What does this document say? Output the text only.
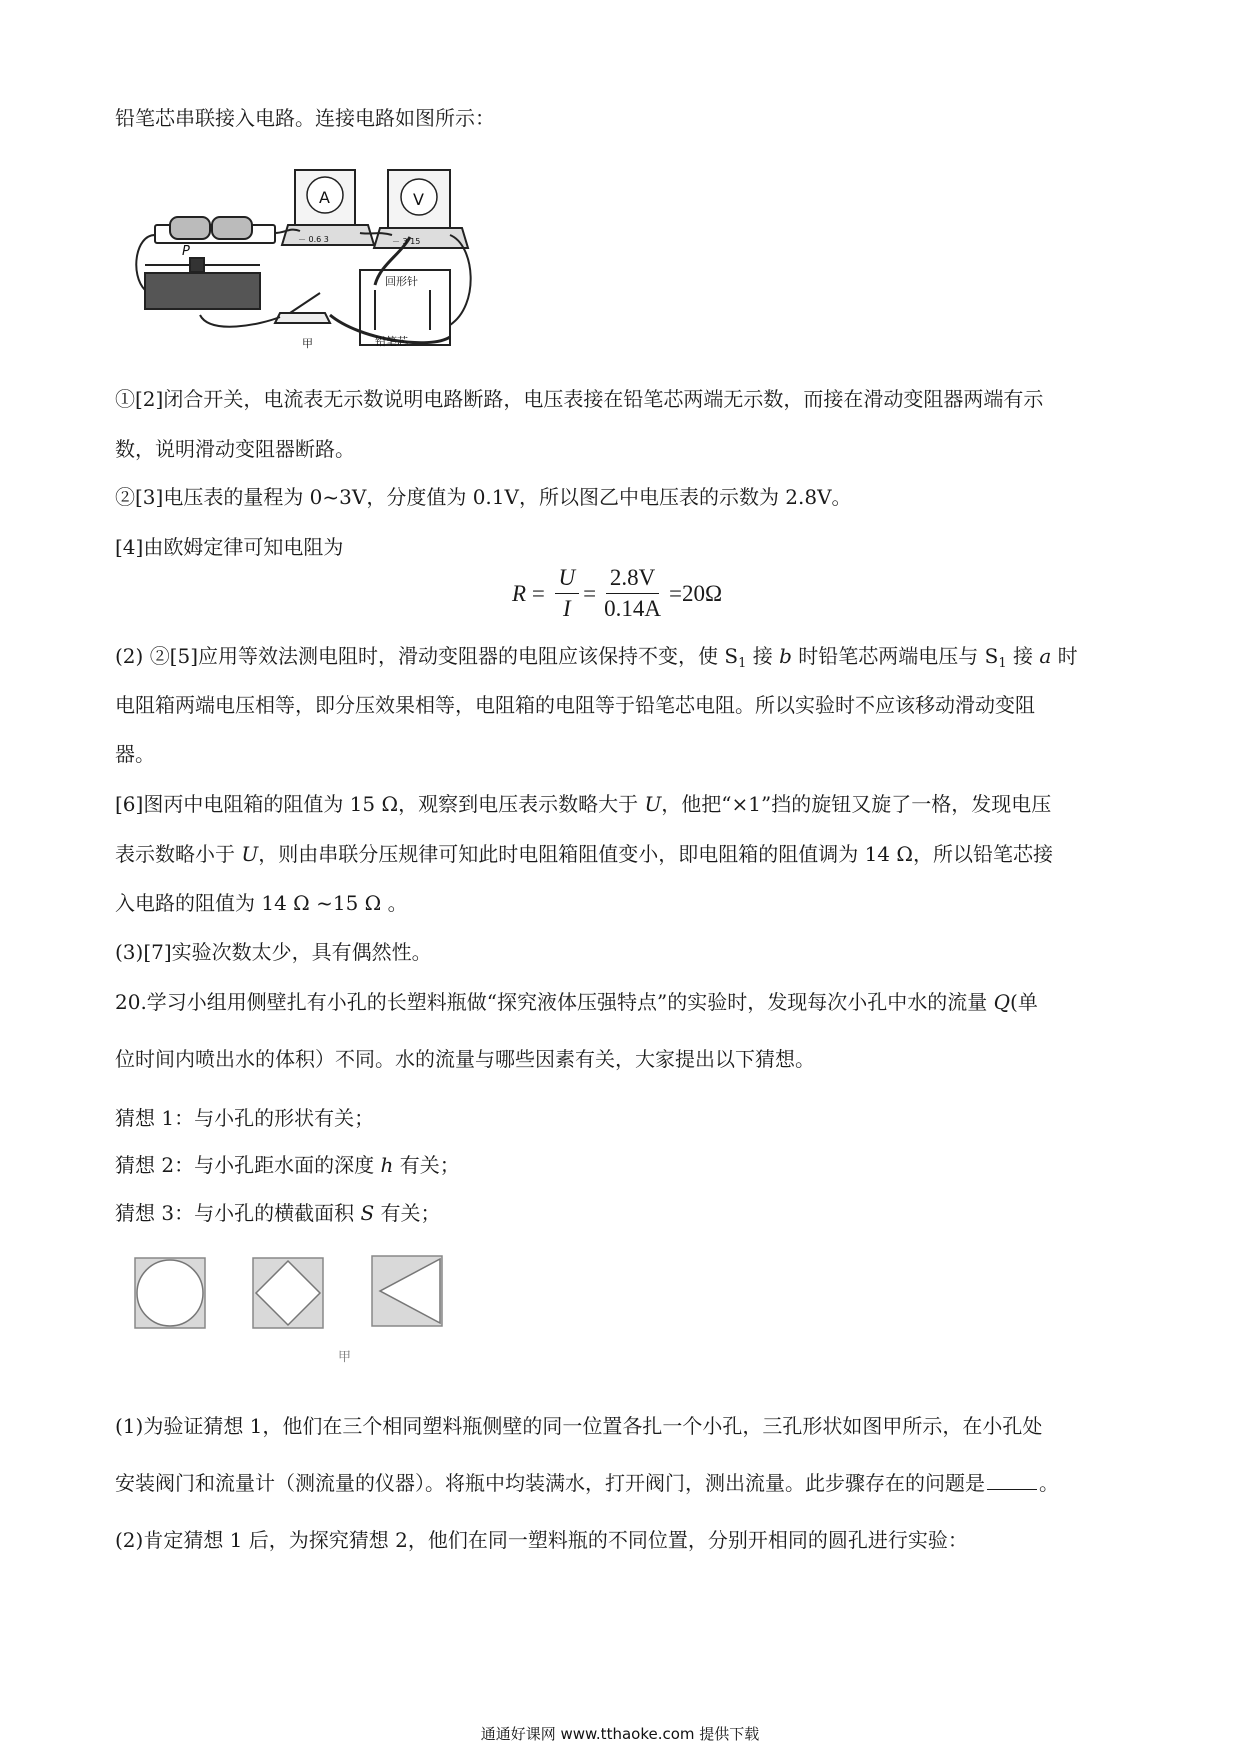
铅笔芯串联接入电路。连接电路如图所示：
A	V
－ 0.6 3	－ 3 15
P
甲
回形针
铅笔芯
①[2]闭合开关，电流表无示数说明电路断路，电压表接在铅笔芯两端无示数，而接在滑动变阻器两端有示
数，说明滑动变阻器断路。
②[3]电压表的量程为 0~3V，分度值为 0.1V，所以图乙中电压表的示数为 2.8V。
[4]由欧姆定律可知电阻为
$R = \frac{U}{I} = \frac{2.8V}{0.14A} =20\Omega$
(2) ②[5]应用等效法测电阻时，滑动变阻器的电阻应该保持不变，使 $S_1$ 接 b 时铅笔芯两端电压与 $S_1$ 接 a 时
电阻箱两端电压相等，即分压效果相等，电阻箱的电阻等于铅笔芯电阻。所以实验时不应该移动滑动变阻
器。
[6]图丙中电阻箱的阻值为 15 Ω，观察到电压表示数略大于 U，他把“×1”挡的旋钮又旋了一格，发现电压
表示数略小于 U，则由串联分压规律可知此时电阻箱阻值变小，即电阻箱的阻值调为 14 Ω，所以铅笔芯接
入电路的阻值为 14 Ω ~15 Ω 。
(3)[7]实验次数太少，具有偶然性。
20.学习小组用侧壁扎有小孔的长塑料瓶做“探究液体压强特点”的实验时，发现每次小孔中水的流量 Q(单
位时间内喷出水的体积）不同。水的流量与哪些因素有关，大家提出以下猜想。
猜想 1：与小孔的形状有关；
猜想 2：与小孔距水面的深度 h 有关；
猜想 3：与小孔的横截面积 S 有关；
甲
(1)为验证猜想 1，他们在三个相同塑料瓶侧壁的同一位置各扎一个小孔，三孔形状如图甲所示，在小孔处
安装阀门和流量计（测流量的仪器）。将瓶中均装满水，打开阀门，测出流量。此步骤存在的问题是	。
(2)肯定猜想 1 后，为探究猜想 2，他们在同一塑料瓶的不同位置，分别开相同的圆孔进行实验：
通通好课网 www.tthaoke.com 提供下载
